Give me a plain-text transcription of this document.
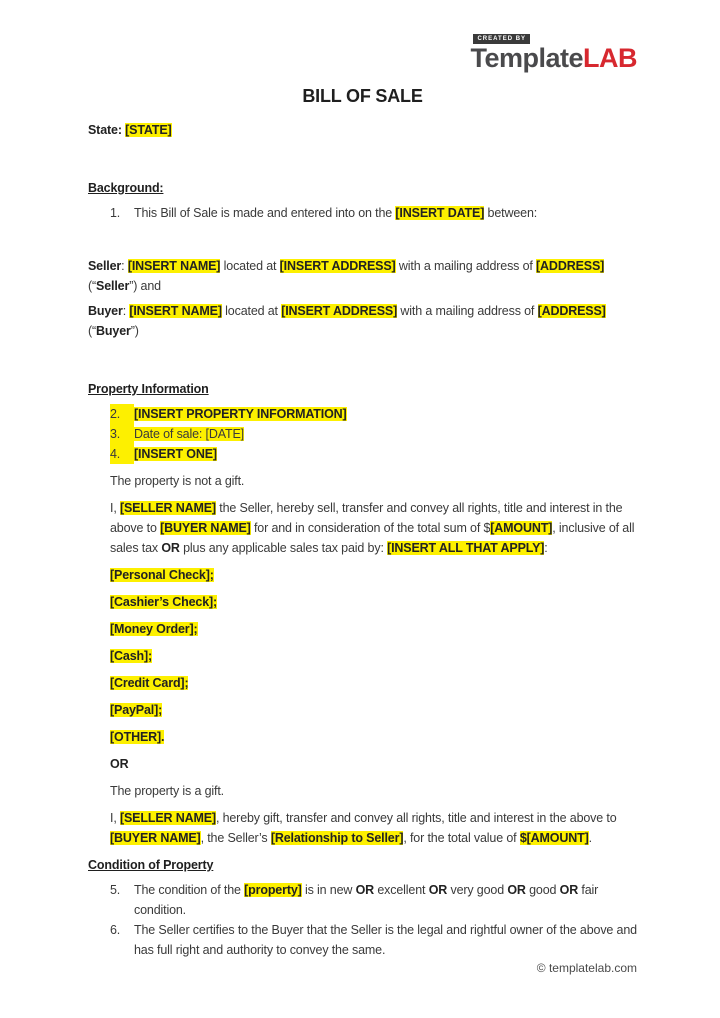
CREATED BY
TemplateLAB
BILL OF SALE
State: [STATE]
Background:
1.	This Bill of Sale is made and entered into on the [INSERT DATE] between:
Seller: [INSERT NAME] located at [INSERT ADDRESS] with a mailing address of [ADDRESS] (“Seller”) and
Buyer: [INSERT NAME] located at [INSERT ADDRESS] with a mailing address of [ADDRESS] (“Buyer”)
Property Information
2.	[INSERT PROPERTY INFORMATION]
3.	Date of sale: [DATE]
4.	[INSERT ONE]
The property is not a gift.
I, [SELLER NAME] the Seller, hereby sell, transfer and convey all rights, title and interest in the above to [BUYER NAME] for and in consideration of the total sum of $[AMOUNT], inclusive of all sales tax OR plus any applicable sales tax paid by: [INSERT ALL THAT APPLY]:
[Personal Check];
[Cashier’s Check];
[Money Order];
[Cash];
[Credit Card];
[PayPal];
[OTHER].
OR
The property is a gift.
I, [SELLER NAME], hereby gift, transfer and convey all rights, title and interest in the above to [BUYER NAME], the Seller’s [Relationship to Seller], for the total value of $[AMOUNT].
Condition of Property
5.	The condition of the [property] is in new OR excellent OR very good OR good OR fair condition.
6.	The Seller certifies to the Buyer that the Seller is the legal and rightful owner of the above and has full right and authority to convey the same.
© templatelab.com
